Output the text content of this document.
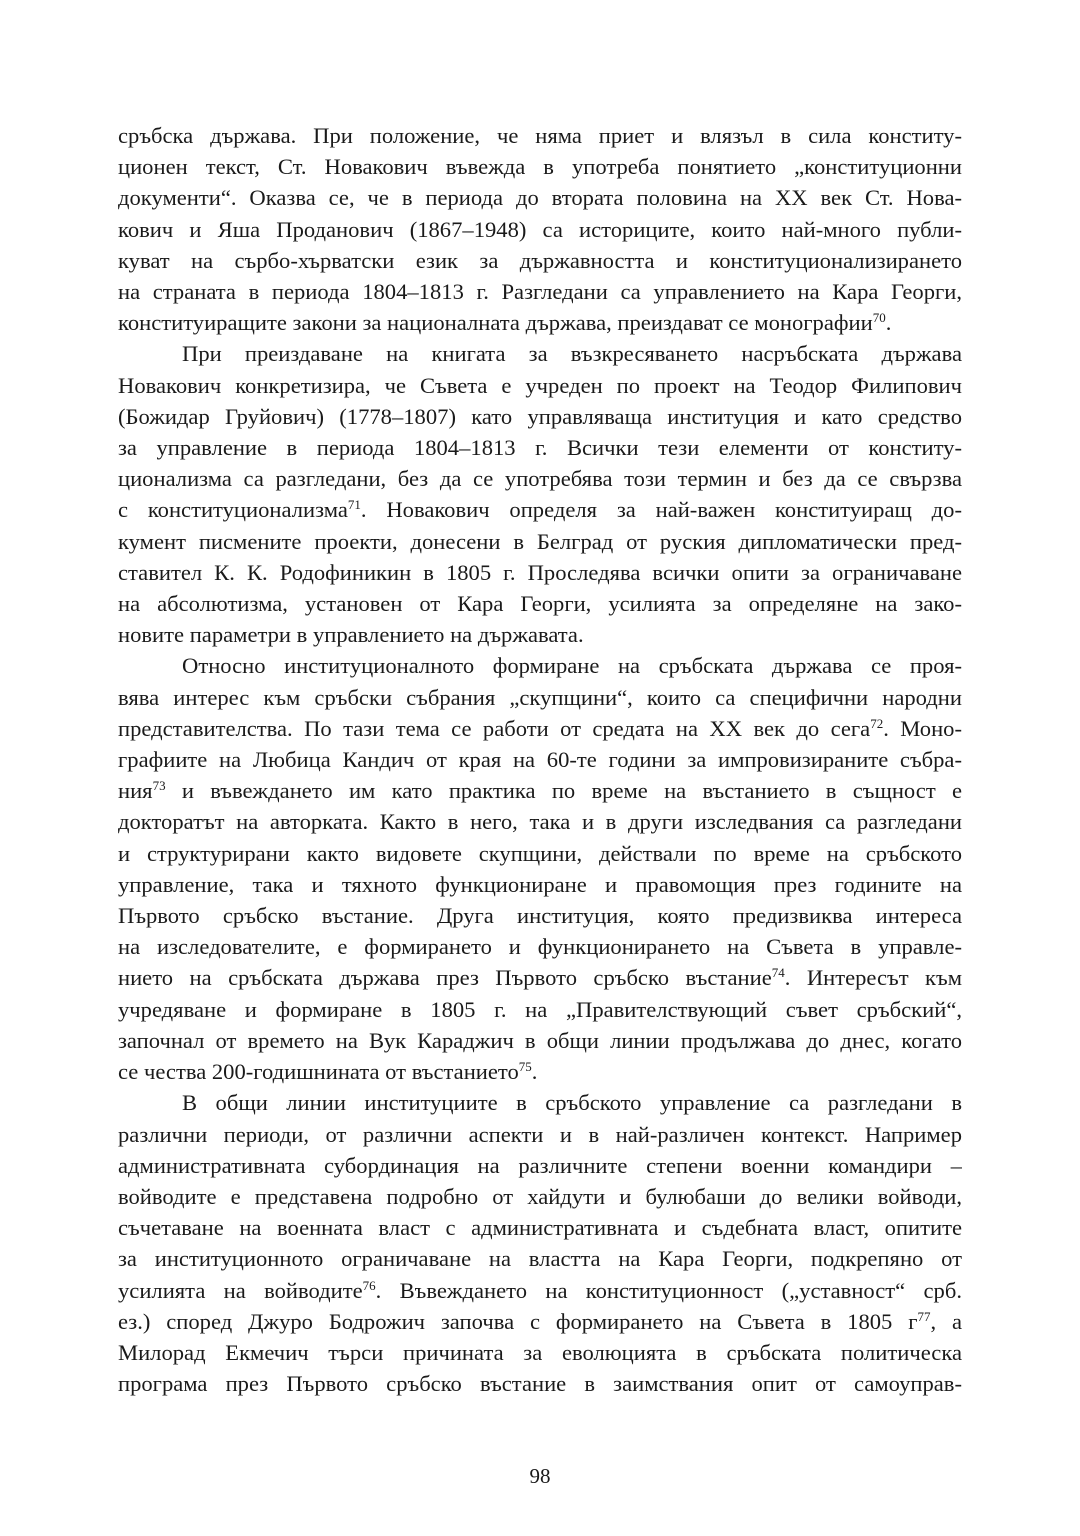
сръбска държава. При положение, че няма приет и влязъл в сила конститу-
ционен текст, Ст. Новакович въвежда в употреба понятието „конституционни
документи“. Оказва се, че в периода до втората половина на XX век Ст. Нова-
кович и Яша Проданович (1867–1948) са историците, които най-много публи-
куват на сърбо-хърватски език за държавността и конституционализирането
на страната в периода 1804–1813 г. Разгледани са управлението на Кара Георги,
конституиращите закони за националната държава, преиздават се монографии$^{70}$.
При преиздаване на книгата за възкресяването насръбската държава
Новакович конкретизира, че Съвета е учреден по проект на Теодор Филипович
(Божидар Груйович) (1778–1807) като управляваща институция и като средство
за управление в периода 1804–1813 г. Всички тези елементи от конститу-
ционализма са разгледани, без да се употребява този термин и без да се свързва
с конституционализма$^{71}$. Новакович определя за най-важен конституиращ до-
кумент писмените проекти, донесени в Белград от руския дипломатически пред-
ставител К. К. Родофиникин в 1805 г. Проследява всички опити за ограничаване
на абсолютизма, установен от Кара Георги, усилията за определяне на зако-
новите параметри в управлението на държавата.
Относно институционалното формиране на сръбската държава се проя-
вява интерес към сръбски събрания „скупщини“, които са специфични народни
представителства. По тази тема се работи от средата на XX век до сега$^{72}$. Моно-
графиите на Любица Кандич от края на 60-те години за импровизираните събра-
ния$^{73}$ и въвеждането им като практика по време на въстанието в същност е
докторатът на авторката. Както в него, така и в други изследвания са разгледани
и структурирани както видовете скупщини, действали по време на сръбското
управление, така и тяхното функциониране и правомощия през годините на
Първото сръбско въстание. Друга институция, която предизвиква интереса
на изследователите, е формирането и функционирането на Съвета в управле-
нието на сръбската държава през Първото сръбско въстание$^{74}$. Интересът към
учредяване и формиране в 1805 г. на „Правителствующий съвет сръбский“,
започнал от времето на Вук Караджич в общи линии продължава до днес, когато
се чества 200-годишнината от въстанието$^{75}$.
В общи линии институциите в сръбското управление са разгледани в
различни периоди, от различни аспекти и в най-различен контекст. Например
административната субординация на различните степени военни командири –
войводите е представена подробно от хайдути и булюбаши до велики войводи,
съчетаване на военната власт с административната и съдебната власт, опитите
за институционното ограничаване на властта на Кара Георги, подкрепяно от
усилията на войводите$^{76}$. Въвеждането на конституционност („уставност“ срб.
ез.) според Джуро Бодрожич започва с формирането на Съвета в 1805 $г^{77}$, а
Милорад Екмечич търси причината за еволюцията в сръбската политическа
програма през Първото сръбско въстание в заимствания опит от самоуправ-
98
